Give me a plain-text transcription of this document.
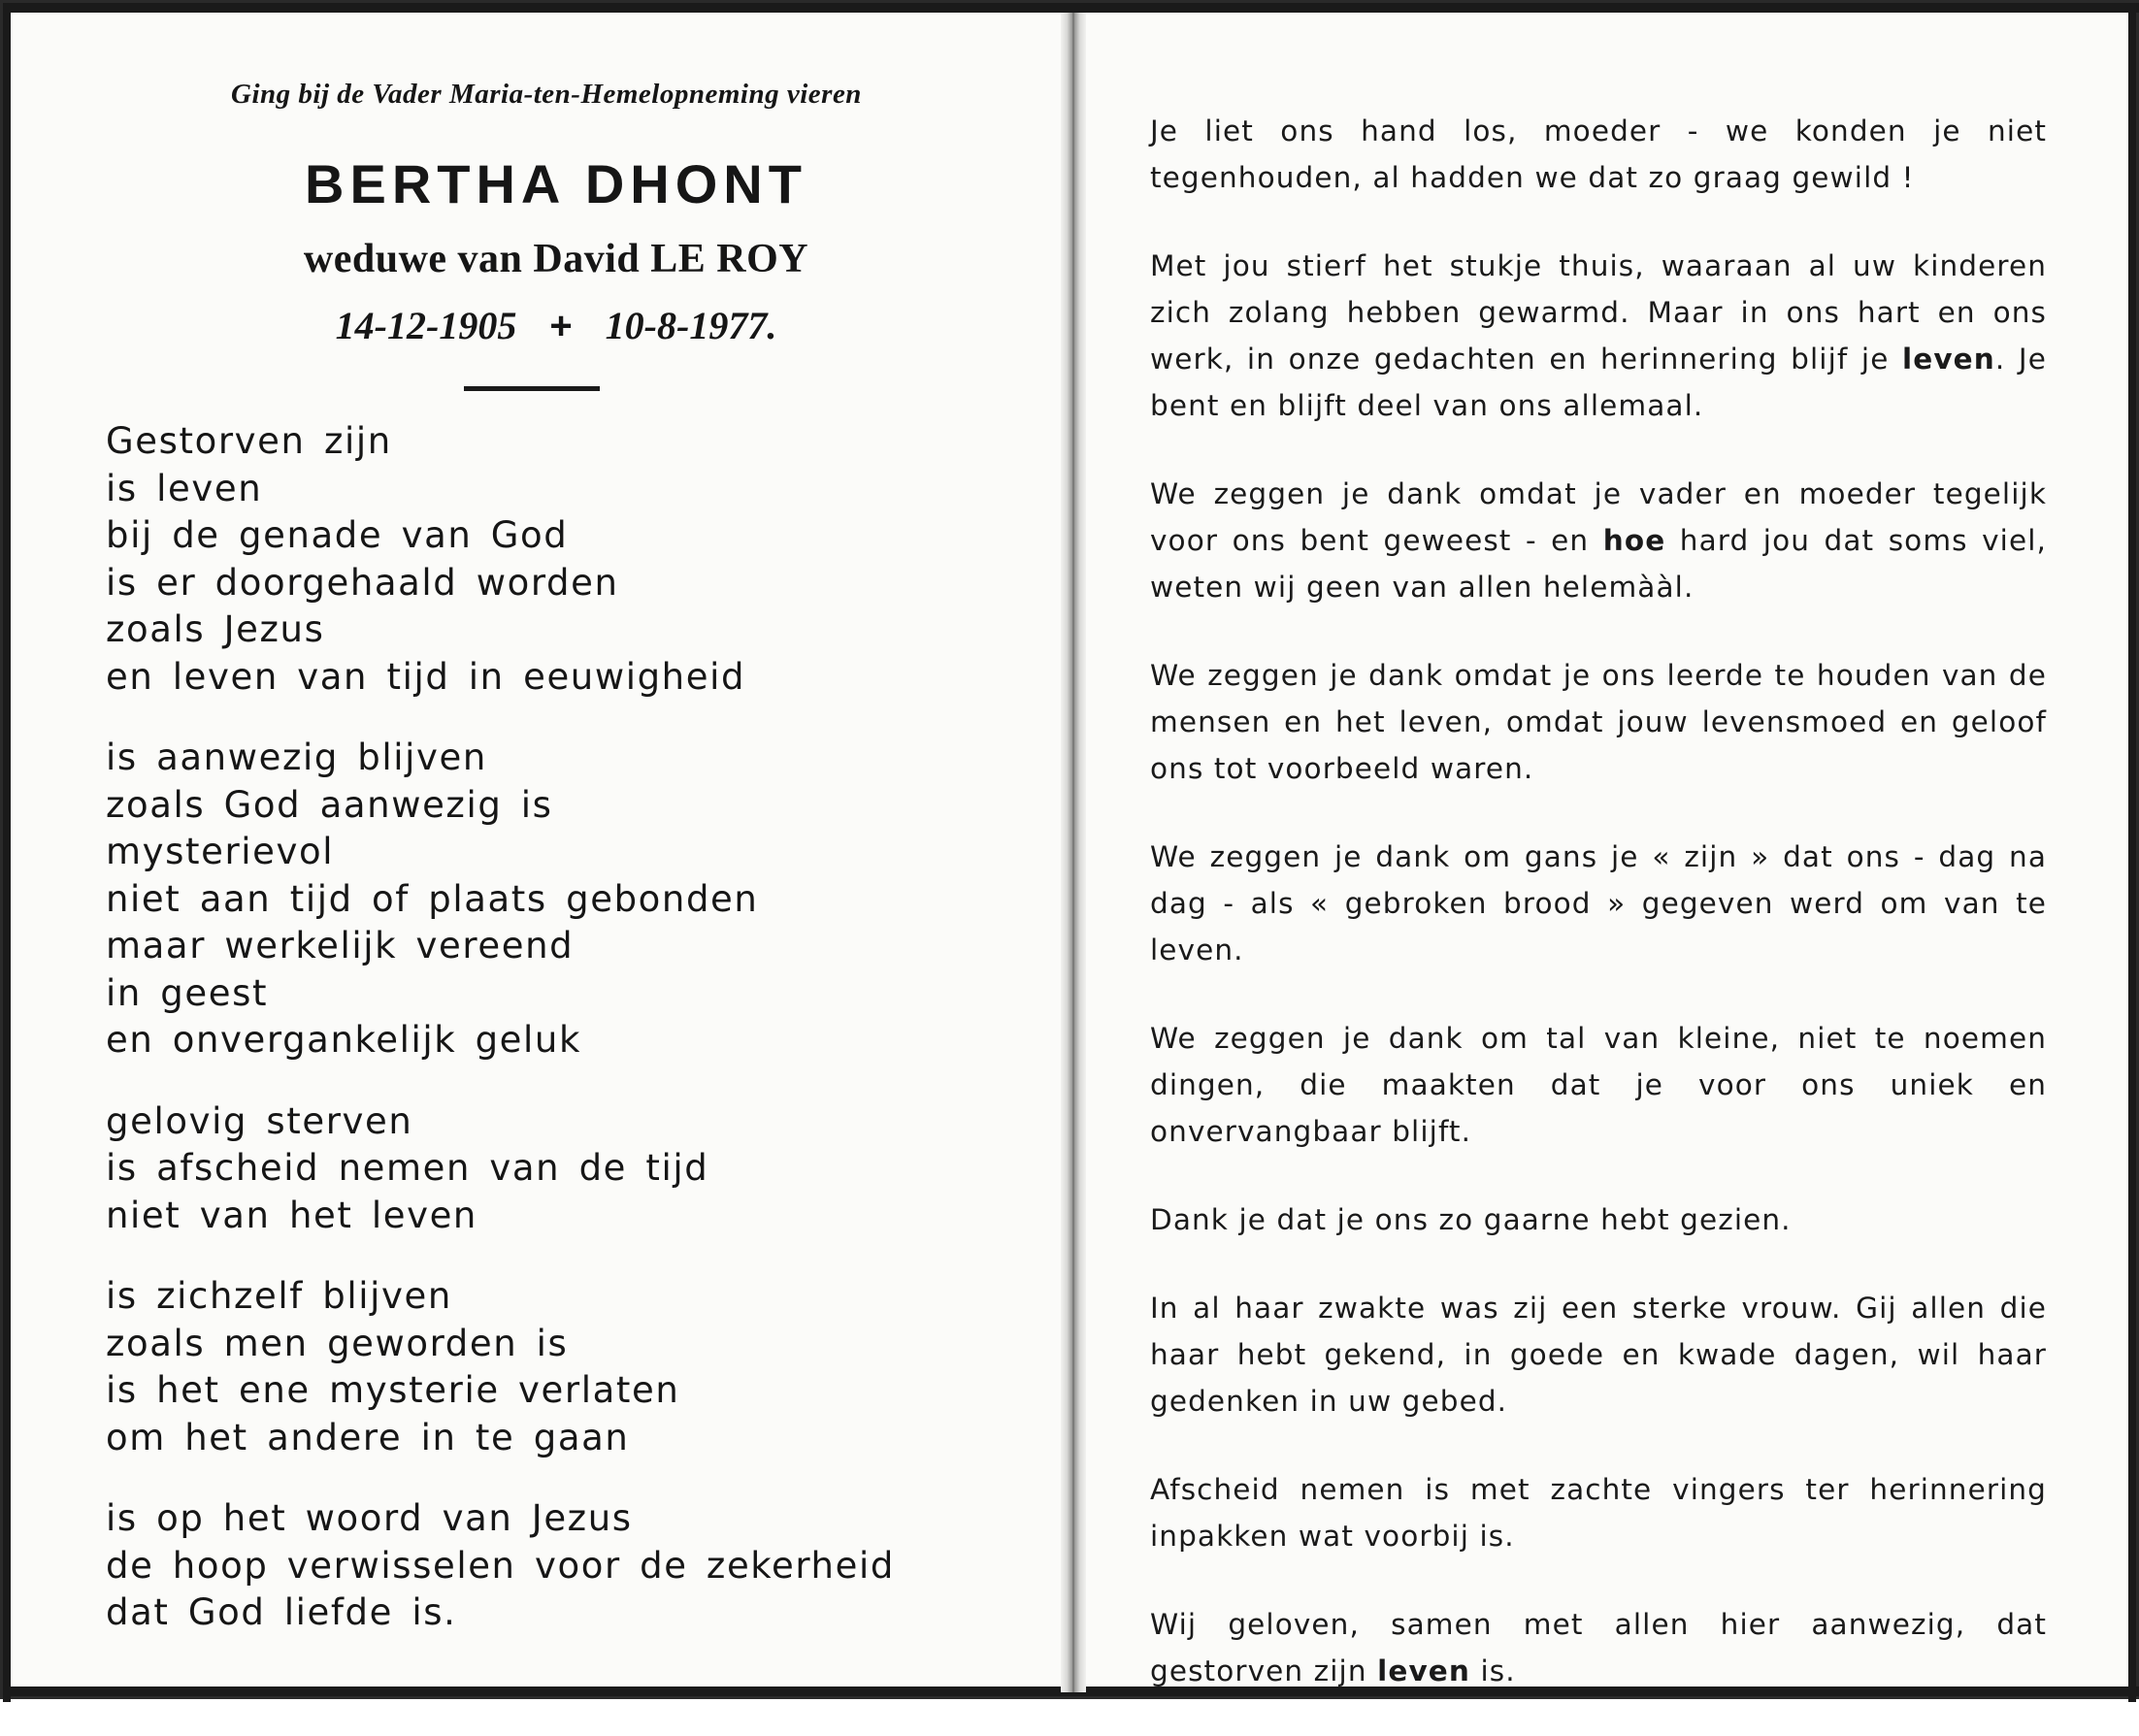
Ging bij de Vader Maria-ten-Hemelopneming vieren
BERTHA DHONT
weduwe van David LE ROY
14-12-1905 + 10-8-1977.
Gestorven zijn
is leven
bij de genade van God
is er doorgehaald worden
zoals Jezus
en leven van tijd in eeuwigheid
is aanwezig blijven
zoals God aanwezig is
mysterievol
niet aan tijd of plaats gebonden
maar werkelijk vereend
in geest
en onvergankelijk geluk
gelovig sterven
is afscheid nemen van de tijd
niet van het leven
is zichzelf blijven
zoals men geworden is
is het ene mysterie verlaten
om het andere in te gaan
is op het woord van Jezus
de hoop verwisselen voor de zekerheid
dat God liefde is.

Je liet ons hand los, moeder - we konden je niet tegenhouden, al hadden we dat zo graag gewild !

Met jou stierf het stukje thuis, waaraan al uw kinderen zich zolang hebben gewarmd. Maar in ons hart en ons werk, in onze gedachten en herinnering blijf je leven. Je bent en blijft deel van ons allemaal.

We zeggen je dank omdat je vader en moeder tegelijk voor ons bent geweest - en hoe hard jou dat soms viel, weten wij geen van allen helemààl.

We zeggen je dank omdat je ons leerde te houden van de mensen en het leven, omdat jouw levensmoed en geloof ons tot voorbeeld waren.

We zeggen je dank om gans je « zijn » dat ons - dag na dag - als « gebroken brood » gegeven werd om van te leven.

We zeggen je dank om tal van kleine, niet te noemen dingen, die maakten dat je voor ons uniek en onvervangbaar blijft.

Dank je dat je ons zo gaarne hebt gezien.

In al haar zwakte was zij een sterke vrouw. Gij allen die haar hebt gekend, in goede en kwade dagen, wil haar gedenken in uw gebed.

Afscheid nemen is met zachte vingers ter herinnering inpakken wat voorbij is.

Wij geloven, samen met allen hier aanwezig, dat gestorven zijn leven is.
